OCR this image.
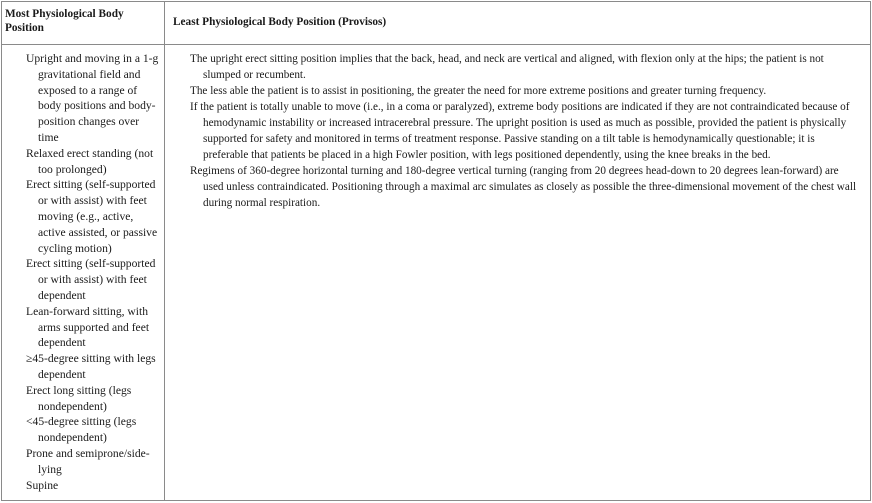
Most Physiological Body Position	Least Physiological Body Position (Provisos)

Upright and moving in a 1-g gravitational field and exposed to a range of body positions and body-position changes over time

Relaxed erect standing (not too prolonged)

Erect sitting (self-supported or with assist) with feet moving (e.g., active, active assisted, or passive cycling motion)

Erect sitting (self-supported or with assist) with feet dependent

Lean-forward sitting, with arms supported and feet dependent

≥45-degree sitting with legs dependent

Erect long sitting (legs nondependent)

<45-degree sitting (legs nondependent)

Prone and semiprone/side-lying

Supine

The upright erect sitting position implies that the back, head, and neck are vertical and aligned, with flexion only at the hips; the patient is not slumped or recumbent.

The less able the patient is to assist in positioning, the greater the need for more extreme positions and greater turning frequency.

If the patient is totally unable to move (i.e., in a coma or paralyzed), extreme body positions are indicated if they are not contraindicated because of hemodynamic instability or increased intracerebral pressure. The upright position is used as much as possible, provided the patient is physically supported for safety and monitored in terms of treatment response. Passive standing on a tilt table is hemodynamically questionable; it is preferable that patients be placed in a high Fowler position, with legs positioned dependently, using the knee breaks in the bed.

Regimens of 360-degree horizontal turning and 180-degree vertical turning (ranging from 20 degrees head-down to 20 degrees lean-forward) are used unless contraindicated. Positioning through a maximal arc simulates as closely as possible the three-dimensional movement of the chest wall during normal respiration.
